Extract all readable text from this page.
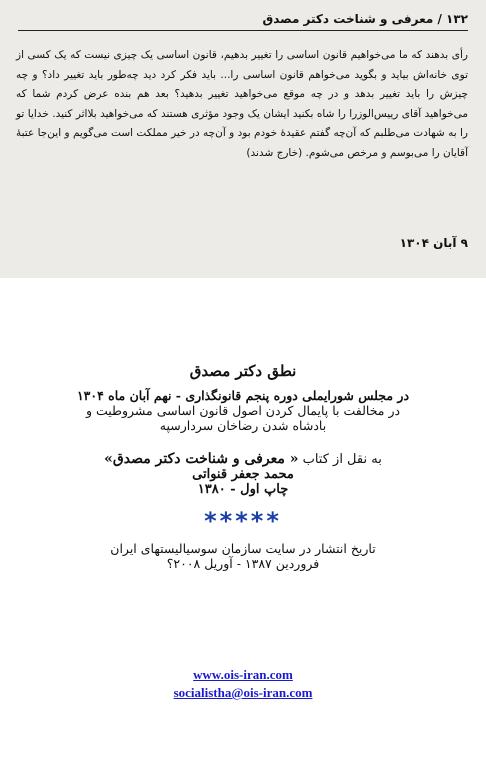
۱۳۲ / معرفی و شناخت دکتر مصدق

رأی بدهند که ما می‌خواهیم قانون اساسی را تغییر بدهیم، قانون اساسی یک چیزی نیست که یک کسی از توی خانه‌اش بیاید و بگوید می‌خواهم قانون اساسی را... باید فکر کرد دید چه‌طور باید تغییر داد؟ و چه چیزش را باید تغییر بدهد و در چه موقع می‌خواهید تغییر بدهید؟ بعد هم بنده عرض کردم شما که می‌خواهید آقای رییس‌الوزرا را شاه بکنید ایشان یک وجود مؤثری هستند که می‌خواهید بلااثر کنید. خدایا تو را به شهادت می‌طلبم که آن‌چه گفتم عقیدهٔ خودم بود و آن‌چه در خیر مملکت است می‌گویم و این‌جا عتبهٔ آقایان را می‌بوسم و مرخص می‌شوم. (خارج شدند)

۹ آبان ۱۳۰۴

نطق دکتر مصدق

در مجلس شورایملی دوره پنجم قانونگذاری - نهم آبان ماه ۱۳۰۴

در مخالفت با پایمال کردن اصول قانون اساسی مشروطیت و

بادشاه شدن رضاخان سردارسپه

به نقل از کتاب « معرفی و شناخت دکتر مصدق»

محمد جعفر قنواتی

چاپ اول - ۱۳۸۰

*****

تاریخ انتشار در سایت سازمان سوسیالیستهای ایران

فروردین ۱۳۸۷ - آوریل ۲۰۰۸؟

www.ois-iran.com
socialistha@ois-iran.com
